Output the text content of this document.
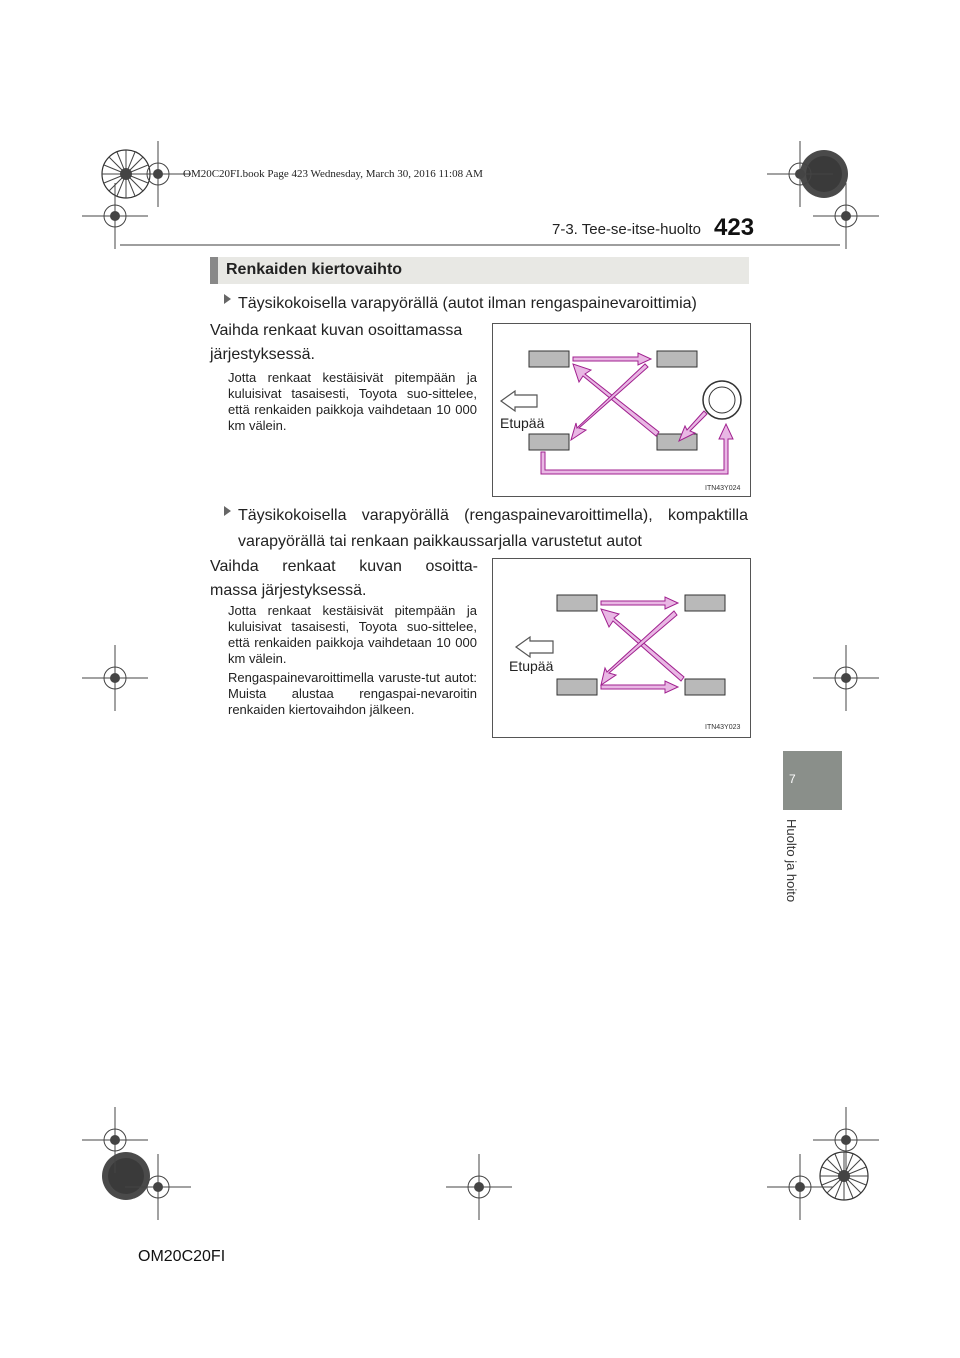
OM20C20FI.book Page 423 Wednesday, March 30, 2016 11:08 AM
7-3. Tee-se-itse-huolto 423
7
Huolto ja hoito
Renkaiden kiertovaihto
Täysikokoisella varapyörällä (autot ilman rengaspainevaroittimia)
Vaihda renkaat kuvan osoittamassa
järjestyksessä.
Jotta renkaat kestäisivät pitempään ja kuluisivat tasaisesti, Toyota suo-sittelee, että renkaiden paikkoja vaihdetaan 10 000 km välein.
ITN43Y024
Etupää
Täysikokoisella varapyörällä (rengaspainevaroittimella), kompaktilla
varapyörällä tai renkaan paikkaussarjalla varustetut autot
Vaihda renkaat kuvan osoitta-
massa järjestyksessä.
Jotta renkaat kestäisivät pitempään ja kuluisivat tasaisesti, Toyota suo-sittelee, että renkaiden paikkoja vaihdetaan 10 000 km välein.
Rengaspainevaroittimella varuste-tut autot: Muista alustaa rengaspai-nevaroitin renkaiden kiertovaihdon jälkeen.
ITN43Y023
Etupää
OM20C20FI
